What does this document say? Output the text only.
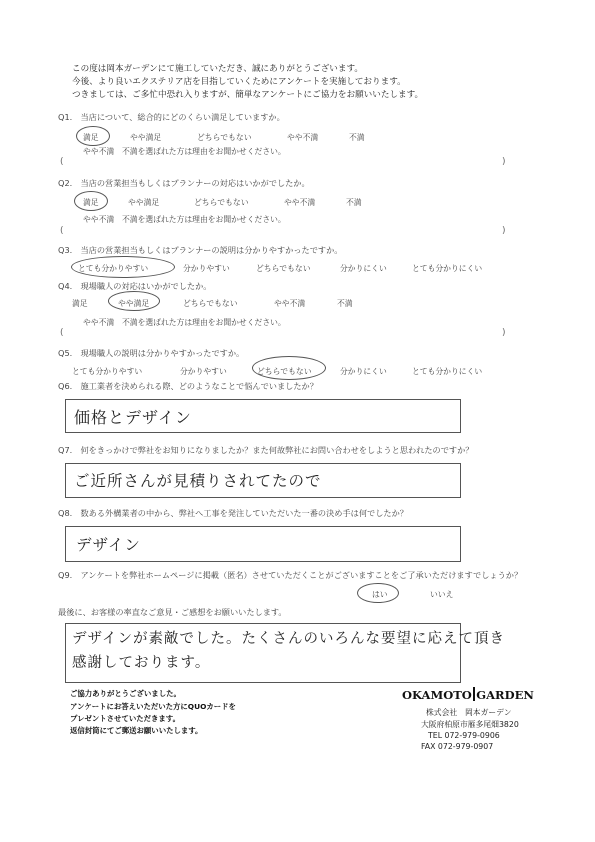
この度は岡本ガーデンにて施工していただき、誠にありがとうございます。
今後、より良いエクステリア店を目指していくためにアンケートを実施しております。
つきましては、ご多忙中恐れ入りますが、簡単なアンケートにご協力をお願いいたします。
Q1.　当店について、総合的にどのくらい満足していますか。
満足	やや満足	どちらでもない	やや不満	不満
やや不満　不満を選ばれた方は理由をお聞かせください。
(	)
Q2.　当店の営業担当もしくはプランナーの対応はいかがでしたか。
満足	やや満足	どちらでもない	やや不満	不満
やや不満　不満を選ばれた方は理由をお聞かせください。
(	)
Q3.　当店の営業担当もしくはプランナーの説明は分かりやすかったですか。
とても分かりやすい	分かりやすい	どちらでもない	分かりにくい	とても分かりにくい
Q4.　現場職人の対応はいかがでしたか。
満足	やや満足	どちらでもない	やや不満	不満
やや不満　不満を選ばれた方は理由をお聞かせください。
(	)
Q5.　現場職人の説明は分かりやすかったですか。
とても分かりやすい	分かりやすい	どちらでもない	分かりにくい	とても分かりにくい
Q6.　施工業者を決められる際、どのようなことで悩んでいましたか？
価格とデザイン
Q7.　何をきっかけで弊社をお知りになりましたか？また何故弊社にお問い合わせをしようと思われたのですか？
ご近所さんが見積りされてたので
Q8.　数ある外構業者の中から、弊社へ工事を発注していただいた一番の決め手は何でしたか？
デザイン
Q9.　アンケートを弊社ホームページに掲載（匿名）させていただくことがございますことをご了承いただけますでしょうか？
はい	いいえ
最後に、お客様の率直なご意見・ご感想をお願いいたします。
デザインが素敵でした。たくさんのいろんな要望に応えて頂き
感謝しております。
ご協力ありがとうございました。
アンケートにお答えいただいた方にQUOカードを
プレゼントさせていただきます。
返信封筒にてご郵送お願いいたします。
OKAMOTO GARDEN
株式会社　岡本ガーデン
大阪府柏原市雁多尾畑3820
TEL 072-979-0906
FAX 072-979-0907
